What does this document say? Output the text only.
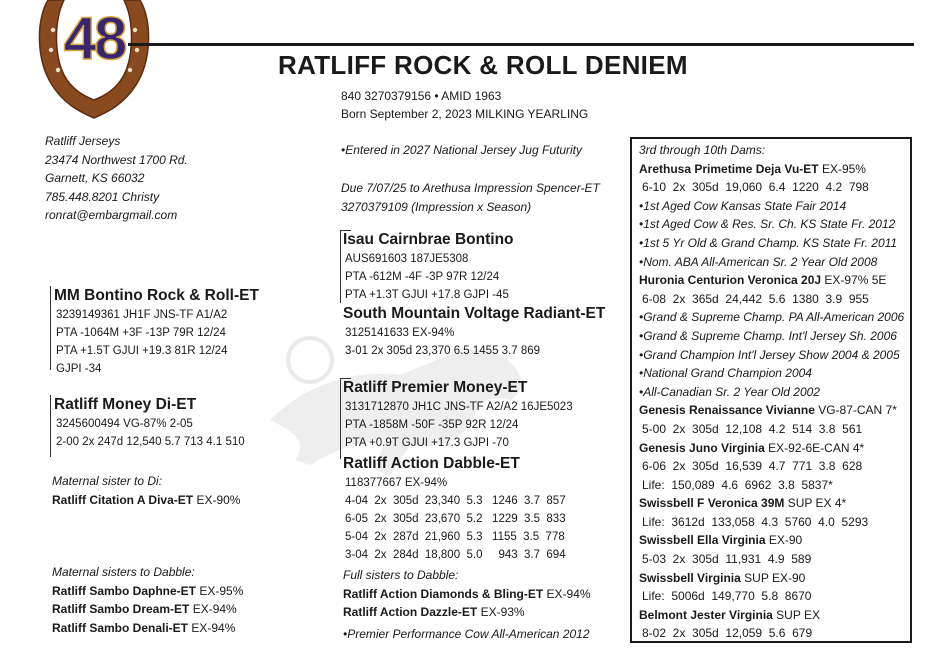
48	RATLIFF ROCK & ROLL DENIEM
840 3270379156 • AMID 1963
Born September 2, 2023 MILKING YEARLING
Ratliff Jerseys
23474 Northwest 1700 Rd.
Garnett, KS 66032
785.448.8201 Christy
ronrat@embargmail.com
•Entered in 2027 National Jersey Jug Futurity
Due 7/07/25 to Arethusa Impression Spencer-ET
3270379109 (Impression x Season)
MM Bontino Rock & Roll-ET
3239149361 JH1F JNS-TF A1/A2
PTA -1064M +3F -13P 79R 12/24
PTA +1.5T GJUI +19.3 81R 12/24
GJPI -34
Isau Cairnbrae Bontino
AUS691603 187JE5308
PTA -612M -4F -3P 97R 12/24
PTA +1.3T GJUI +17.8 GJPI -45
South Mountain Voltage Radiant-ET
3125141633 EX-94%
3-01 2x 305d 23,370 6.5 1455 3.7 869
Ratliff Money Di-ET
3245600494 VG-87% 2-05
2-00 2x 247d 12,540 5.7 713 4.1 510
Maternal sister to Di:
Ratliff Citation A Diva-ET EX-90%
Ratliff Premier Money-ET
3131712870 JH1C JNS-TF A2/A2 16JE5023
PTA -1858M -50F -35P 92R 12/24
PTA +0.9T GJUI +17.3 GJPI -70
Ratliff Action Dabble-ET
118377667 EX-94%
4-04  2x  305d  23,340  5.3   1246  3.7  857
6-05  2x  305d  23,670  5.2   1229  3.5  833
5-04  2x  287d  21,960  5.3   1155  3.5  778
3-04  2x  284d  18,800  5.0     943  3.7  694
Full sisters to Dabble:
Ratliff Action Diamonds & Bling-ET EX-94%
Ratliff Action Dazzle-ET EX-93%
•Premier Performance Cow All-American 2012
Maternal sisters to Dabble:
Ratliff Sambo Daphne-ET EX-95%
Ratliff Sambo Dream-ET EX-94%
Ratliff Sambo Denali-ET EX-94%
3rd through 10th Dams:
Arethusa Primetime Deja Vu-ET EX-95%
6-10  2x  305d  19,060  6.4  1220  4.2  798
•1st Aged Cow Kansas State Fair 2014
•1st Aged Cow & Res. Sr. Ch. KS State Fr. 2012
•1st 5 Yr Old & Grand Champ. KS State Fr. 2011
•Nom. ABA All-American Sr. 2 Year Old 2008
Huronia Centurion Veronica 20J EX-97% 5E
6-08  2x  365d  24,442  5.6  1380  3.9  955
•Grand & Supreme Champ. PA All-American 2006
•Grand & Supreme Champ. Int'l Jersey Sh. 2006
•Grand Champion Int'l Jersey Show 2004 & 2005
•National Grand Champion 2004
•All-Canadian Sr. 2 Year Old 2002
Genesis Renaissance Vivianne VG-87-CAN 7*
5-00  2x  305d  12,108  4.2  514  3.8  561
Genesis Juno Virginia EX-92-6E-CAN 4*
6-06  2x  305d  16,539  4.7  771  3.8  628
Life:  150,089  4.6  6962  3.8  5837*
Swissbell F Veronica 39M SUP EX 4*
Life:  3612d  133,058  4.3  5760  4.0  5293
Swissbell Ella Virginia EX-90
5-03  2x  305d  11,931  4.9  589
Swissbell Virginia SUP EX-90
Life:  5006d  149,770  5.8  8670
Belmont Jester Virginia SUP EX
8-02  2x  305d  12,059  5.6  679
